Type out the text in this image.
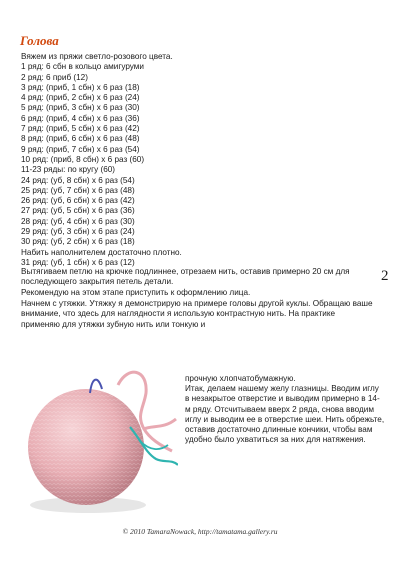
Голова
Вяжем из пряжи светло-розового цвета.
1 ряд: 6 сбн в кольцо амигуруми
2 ряд: 6 приб (12)
3 ряд: (приб, 1 сбн) х 6 раз (18)
4 ряд: (приб, 2 сбн) х 6 раз (24)
5 ряд: (приб, 3 сбн) х 6 раз (30)
6 ряд: (приб, 4 сбн) х 6 раз (36)
7 ряд: (приб, 5 сбн) х 6 раз (42)
8 ряд: (приб, 6 сбн) х 6 раз (48)
9 ряд: (приб, 7 сбн) х 6 раз (54)
10 ряд: (приб, 8 сбн) х 6 раз (60)
11-23 ряды: по кругу (60)
24 ряд: (уб, 8 сбн) х 6 раз (54)
25 ряд: (уб, 7 сбн) х 6 раз (48)
26 ряд: (уб, 6 сбн) х 6 раз (42)
27 ряд: (уб, 5 сбн) х 6 раз (36)
28 ряд: (уб, 4 сбн) х 6 раз (30)
29 ряд: (уб, 3 сбн) х 6 раз (24)
30 ряд: (уб, 2 сбн) х 6 раз (18)
Набить наполнителем достаточно плотно.
31 ряд: (уб, 1 сбн) х 6 раз (12)
2
Вытягиваем петлю на крючке подлиннее, отрезаем нить, оставив примерно 20 см для последующего закрытия петель детали.
Рекомендую на этом этапе приступить к оформлению лица.
Начнем с утяжки. Утяжку я демонстрирую на примере головы другой куклы. Обращаю ваше внимание, что здесь для наглядности я использую контрастную нить. На практике применяю для утяжки зубную нить или тонкую и
прочную хлопчатобумажную.
Итак, делаем нашему желу глазницы. Вводим иглу в незакрытое отверстие и выводим примерно в 14-м ряду. Отсчитываем вверх 2 ряда, снова вводим иглу и выводим ее в отверстие шеи. Нить обрежьте, оставив достаточно длинные кончики, чтобы вам удобно было ухватиться за них для натяжения.
© 2010 TamaraNowack, http://tamatama.gallery.ru
